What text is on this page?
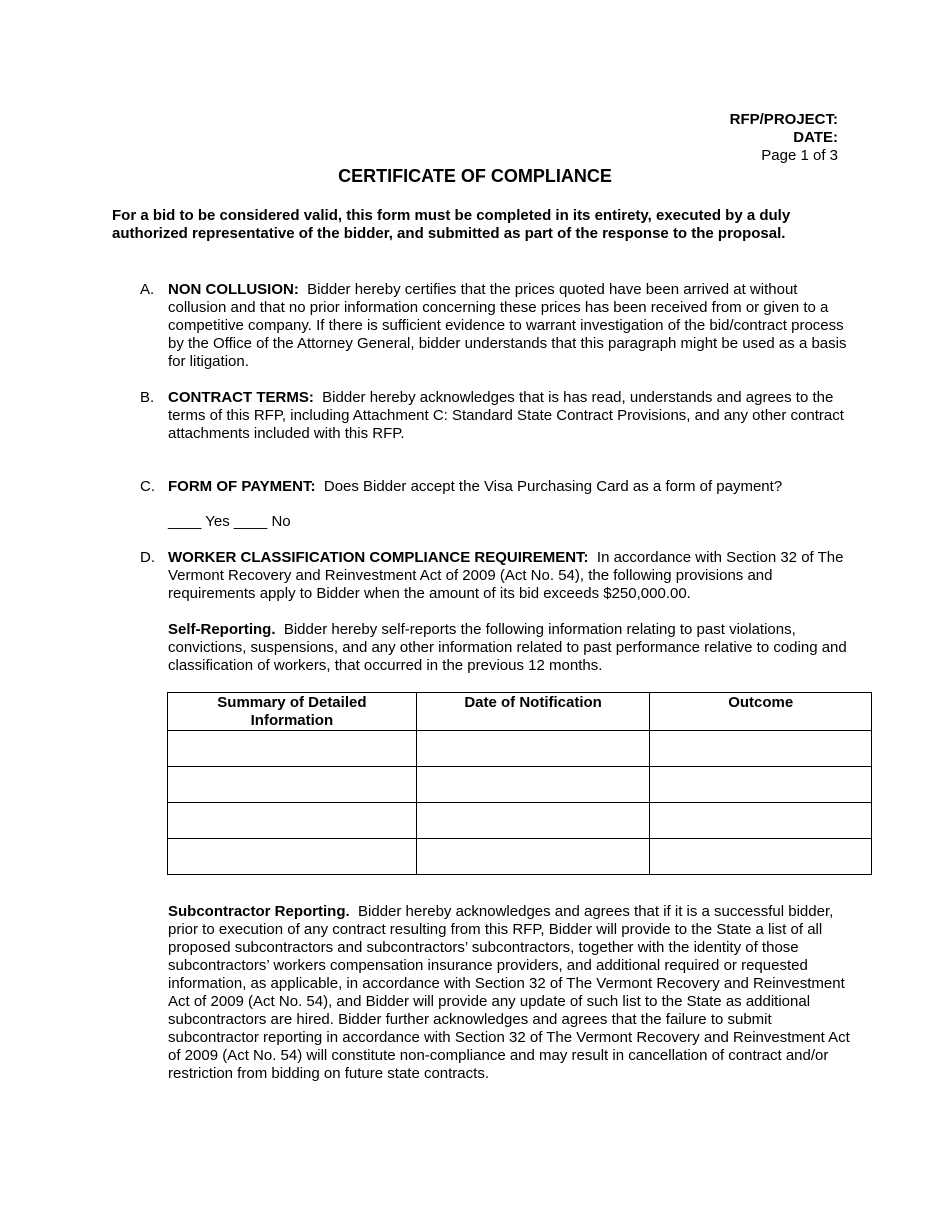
RFP/PROJECT:
DATE:
Page 1 of 3
CERTIFICATE OF COMPLIANCE
For a bid to be considered valid, this form must be completed in its entirety, executed by a duly authorized representative of the bidder, and submitted as part of the response to the proposal.
A. NON COLLUSION: Bidder hereby certifies that the prices quoted have been arrived at without collusion and that no prior information concerning these prices has been received from or given to a competitive company. If there is sufficient evidence to warrant investigation of the bid/contract process by the Office of the Attorney General, bidder understands that this paragraph might be used as a basis for litigation.
B. CONTRACT TERMS: Bidder hereby acknowledges that is has read, understands and agrees to the terms of this RFP, including Attachment C: Standard State Contract Provisions, and any other contract attachments included with this RFP.
C. FORM OF PAYMENT: Does Bidder accept the Visa Purchasing Card as a form of payment?
____ Yes ____ No
D. WORKER CLASSIFICATION COMPLIANCE REQUIREMENT: In accordance with Section 32 of The Vermont Recovery and Reinvestment Act of 2009 (Act No. 54), the following provisions and requirements apply to Bidder when the amount of its bid exceeds $250,000.00.
Self-Reporting. Bidder hereby self-reports the following information relating to past violations, convictions, suspensions, and any other information related to past performance relative to coding and classification of workers, that occurred in the previous 12 months.
Summary of Detailed Information	Date of Notification	Outcome

Subcontractor Reporting. Bidder hereby acknowledges and agrees that if it is a successful bidder, prior to execution of any contract resulting from this RFP, Bidder will provide to the State a list of all proposed subcontractors and subcontractors’ subcontractors, together with the identity of those subcontractors’ workers compensation insurance providers, and additional required or requested information, as applicable, in accordance with Section 32 of The Vermont Recovery and Reinvestment Act of 2009 (Act No. 54), and Bidder will provide any update of such list to the State as additional subcontractors are hired. Bidder further acknowledges and agrees that the failure to submit subcontractor reporting in accordance with Section 32 of The Vermont Recovery and Reinvestment Act of 2009 (Act No. 54) will constitute non-compliance and may result in cancellation of contract and/or restriction from bidding on future state contracts.
